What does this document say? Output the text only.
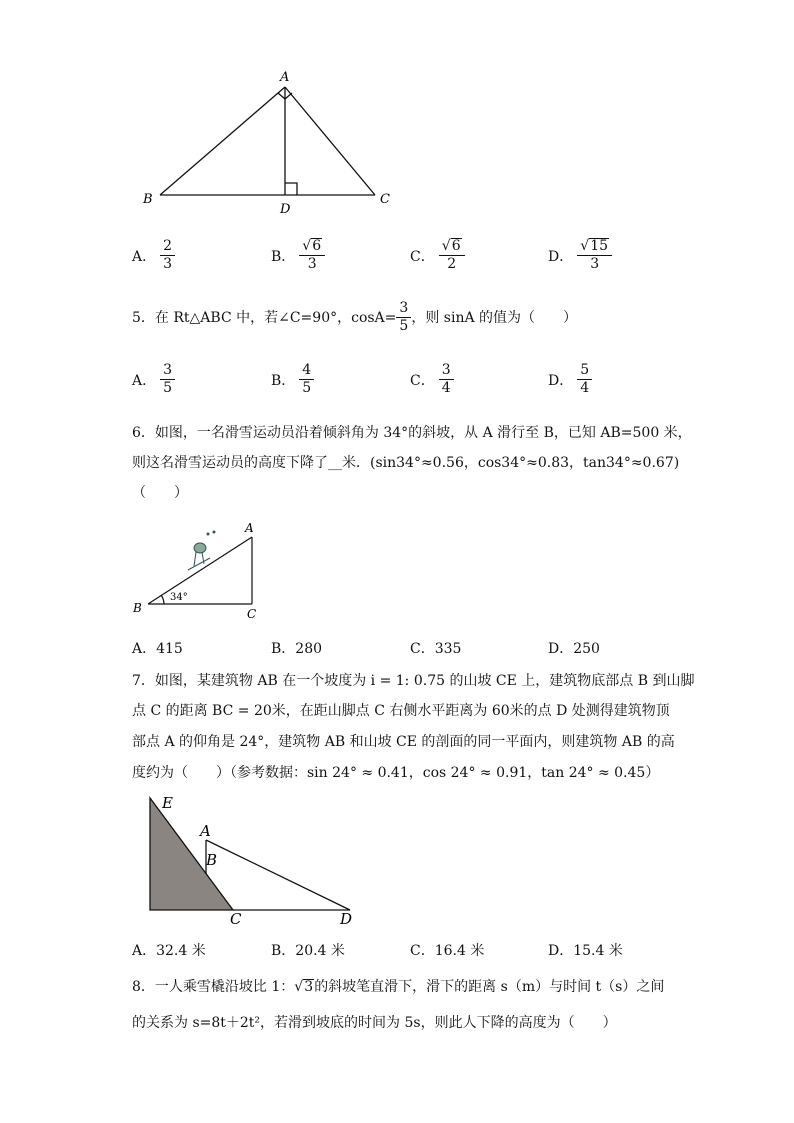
A
B	C
D
A． $\frac{2}{3}$	B． $\frac{√ 6}{3}$	C． $\frac{√ 6}{2}$	D． $\frac{√ 15}{3}$
5．在 Rt△ABC 中，若∠C=90°，$\cos A= \frac{3}{5}$ ，则 sinA 的值为（　　）
A． $\frac{3}{5}$	B． $\frac{4}{5}$	C． $\frac{3}{4}$	D． $\frac{5}{4}$
6．如图，一名滑雪运动员沿着倾斜角为 34°的斜坡，从 A 滑行至 B，已知 AB=500 米，
则这名滑雪运动员的高度下降了__米．(sin34°≈0.56，cos34°≈0.83，tan34°≈0.67)
（　　）
A
B	C
34°
A．415	B．280	C．335	D．250
7．如图，某建筑物 AB 在一个坡度为 i = 1: 0.75 的山坡 CE 上，建筑物底部点 B 到山脚
点 C 的距离 BC = 20米，在距山脚点 C 右侧水平距离为 60米的点 D 处测得建筑物顶
部点 A 的仰角是 24°，建筑物 AB 和山坡 CE 的剖面的同一平面内，则建筑物 AB 的高
度约为（　　）（参考数据：sin 24° ≈ 0.41，cos 24° ≈ 0.91，tan 24° ≈ 0.45）
E
A
B
C	D
A．32.4 米	B．20.4 米	C．16.4 米	D．15.4 米
8．一人乘雪橇沿坡比 1： √ 3 的斜坡笔直滑下，滑下的距离 s（m）与时间 t（s）之间
的关系为 s=8t＋2t²，若滑到坡底的时间为 5s，则此人下降的高度为（　　）
